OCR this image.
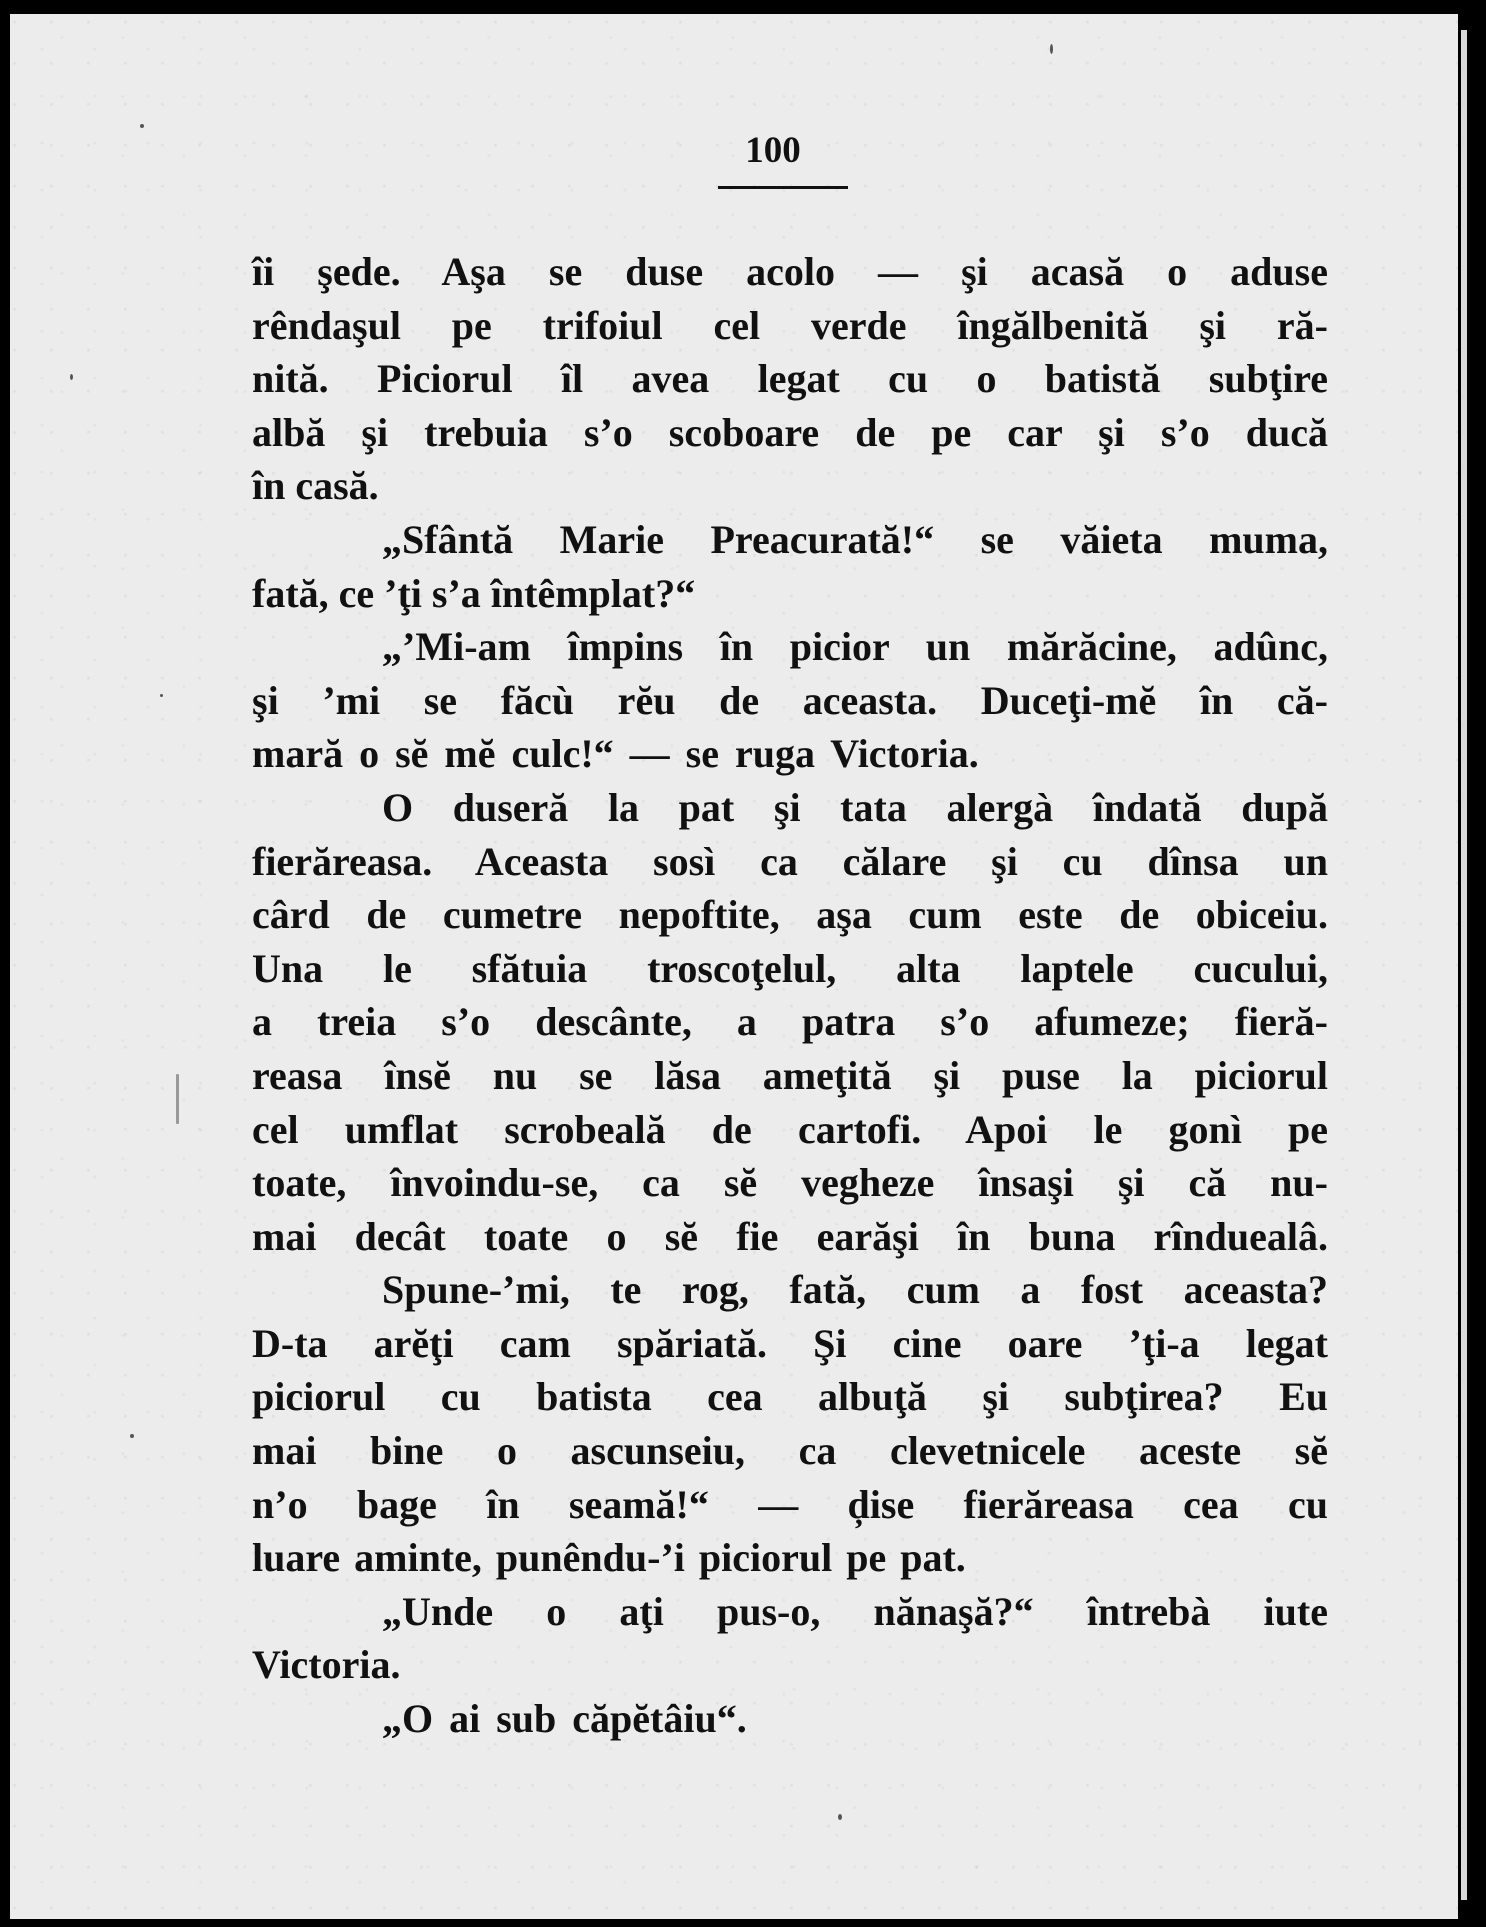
100
îi şede. Aşa se duse acolo — şi acasă o aduse
rêndaşul pe trifoiul cel verde îngălbenită şi ră-
nită. Piciorul îl avea legat cu o batistă subţire
albă şi trebuia s’o scoboare de pe car şi s’o ducă
în casă.
„Sfântă Marie Preacurată!“ se văieta muma,
fată, ce ’ţi s’a întêmplat?“
„’Mi-am împins în picior un mărăcine, adûnc,
şi ’mi se făcù rĕu de aceasta. Duceţi-mĕ în că-
mară o sĕ mĕ culc!“ — se ruga Victoria.
O duseră la pat şi tata alergà îndată după
fierăreasa. Aceasta sosì ca călare şi cu dînsa un
cârd de cumetre nepoftite, aşa cum este de obiceiu.
Una le sfătuia troscoţelul, alta laptele cucului,
a treia s’o descânte, a patra s’o afumeze; fieră-
reasa însĕ nu se lăsa ameţită şi puse la piciorul
cel umflat scrobeală de cartofi. Apoi le gonì pe
toate, învoindu-se, ca sĕ vegheze însaşi şi că nu-
mai decât toate o sĕ fie earăşi în buna rînduealâ.
Spune-’mi, te rog, fată, cum a fost aceasta?
D-ta arĕţi cam spăriată. Şi cine oare ’ţi-a legat
piciorul cu batista cea albuţă şi subţirea? Eu
mai bine o ascunseiu, ca clevetnicele aceste sĕ
n’o bage în seamă!“ — ḑise fierăreasa cea cu
luare aminte, punêndu-’i piciorul pe pat.
„Unde o aţi pus-o, nănaşă?“ întrebà iute
Victoria.
„O ai sub căpĕtâiu“.
